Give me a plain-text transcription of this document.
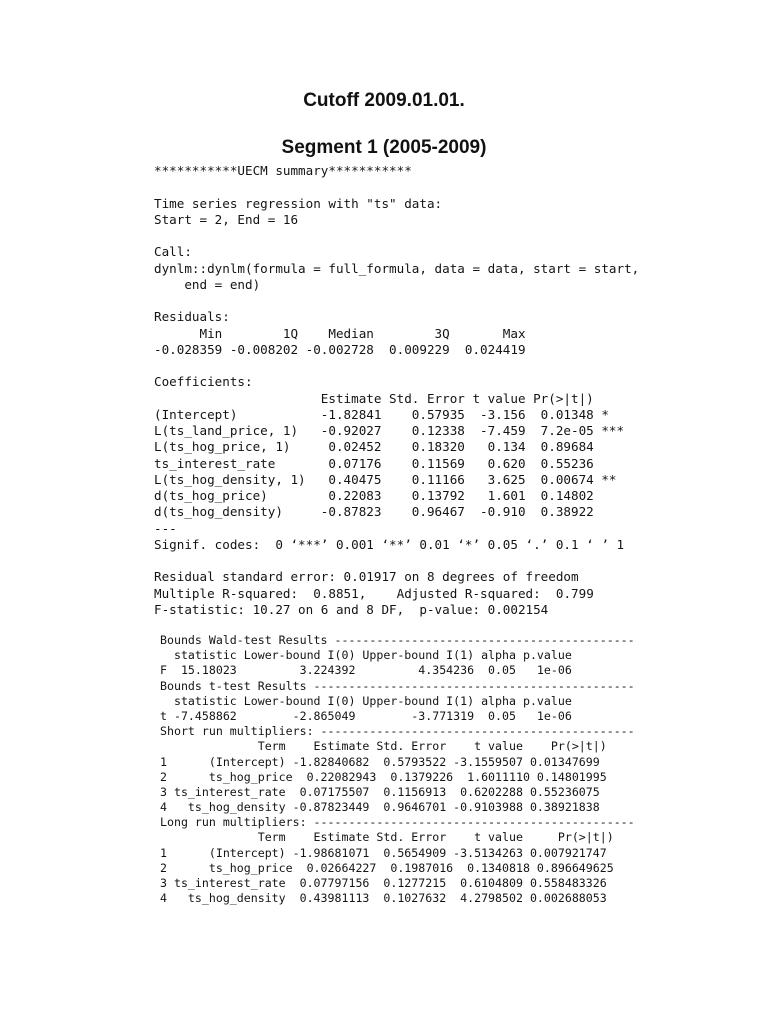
Cutoff 2009.01.01.
Segment 1 (2005-2009)
***********UECM summary***********

Time series regression with "ts" data:
Start = 2, End = 16

Call:
dynlm::dynlm(formula = full_formula, data = data, start = start,
end = end)

Residuals:
Min        1Q    Median        3Q       Max
-0.028359 -0.008202 -0.002728  0.009229  0.024419

Coefficients:
Estimate Std. Error t value Pr(>|t|)
(Intercept)           -1.82841    0.57935  -3.156  0.01348 *
L(ts_land_price, 1)   -0.92027    0.12338  -7.459  7.2e-05 ***
L(ts_hog_price, 1)     0.02452    0.18320   0.134  0.89684
ts_interest_rate       0.07176    0.11569   0.620  0.55236
L(ts_hog_density, 1)   0.40475    0.11166   3.625  0.00674 **
d(ts_hog_price)        0.22083    0.13792   1.601  0.14802
d(ts_hog_density)     -0.87823    0.96467  -0.910  0.38922
---
Signif. codes:  0 ‘***’ 0.001 ‘**’ 0.01 ‘*’ 0.05 ‘.’ 0.1 ‘ ’ 1

Residual standard error: 0.01917 on 8 degrees of freedom
Multiple R-squared:  0.8851,	Adjusted R-squared:  0.799
F-statistic: 10.27 on 6 and 8 DF,  p-value: 0.002154
Bounds Wald-test Results -------------------------------------------
statistic Lower-bound I(0) Upper-bound I(1) alpha p.value
F  15.18023         3.224392         4.354236  0.05   1e-06
Bounds t-test Results ----------------------------------------------
statistic Lower-bound I(0) Upper-bound I(1) alpha p.value
t -7.458862        -2.865049        -3.771319  0.05   1e-06
Short run multipliers: ---------------------------------------------
Term    Estimate Std. Error    t value    Pr(>|t|)
1      (Intercept) -1.82840682  0.5793522 -3.1559507 0.01347699
2      ts_hog_price  0.22082943  0.1379226  1.6011110 0.14801995
3 ts_interest_rate  0.07175507  0.1156913  0.6202288 0.55236075
4   ts_hog_density -0.87823449  0.9646701 -0.9103988 0.38921838
Long run multipliers: ----------------------------------------------
Term    Estimate Std. Error    t value     Pr(>|t|)
1      (Intercept) -1.98681071  0.5654909 -3.5134263 0.007921747
2      ts_hog_price  0.02664227  0.1987016  0.1340818 0.896649625
3 ts_interest_rate  0.07797156  0.1277215  0.6104809 0.558483326
4   ts_hog_density  0.43981113  0.1027632  4.2798502 0.002688053
